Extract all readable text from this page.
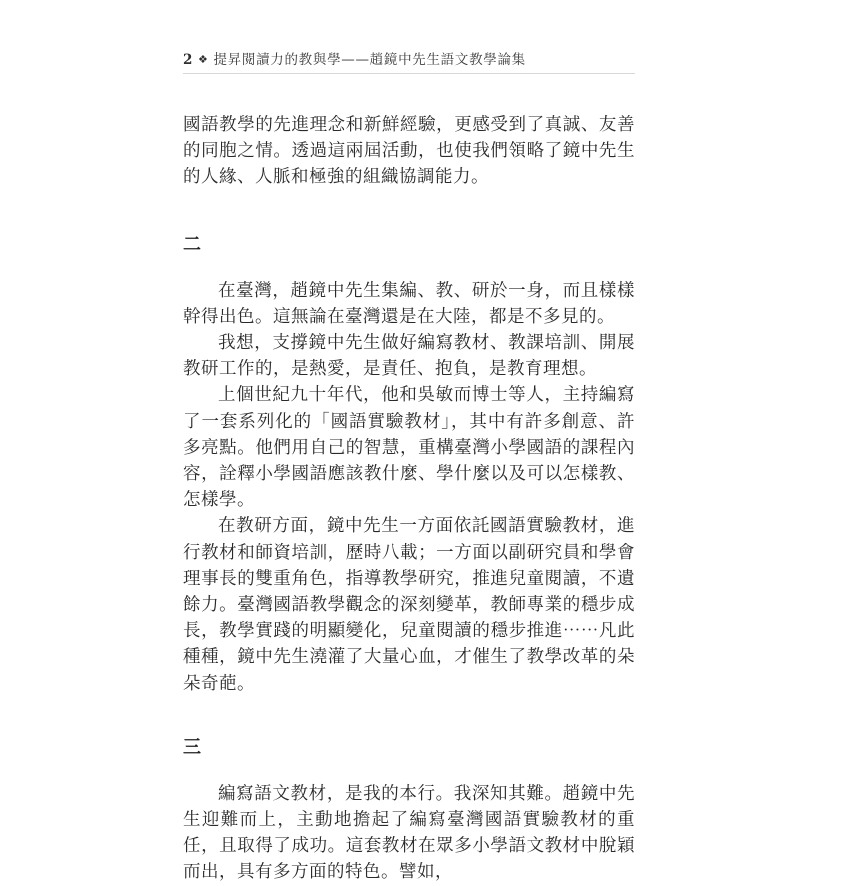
2 ❖ 提昇閱讀力的教與學——趙鏡中先生語文教學論集

國語教學的先進理念和新鮮經驗，更感受到了真誠、友善的同胞之情。透過這兩屆活動，也使我們領略了鏡中先生的人緣、人脈和極強的組織協調能力。

二

在臺灣，趙鏡中先生集編、教、研於一身，而且樣樣幹得出色。這無論在臺灣還是在大陸，都是不多見的。

我想，支撐鏡中先生做好編寫教材、教課培訓、開展教研工作的，是熱愛，是責任、抱負，是教育理想。

上個世紀九十年代，他和吳敏而博士等人，主持編寫了一套系列化的「國語實驗教材」，其中有許多創意、許多亮點。他們用自己的智慧，重構臺灣小學國語的課程內容，詮釋小學國語應該教什麼、學什麼以及可以怎樣教、怎樣學。

在教研方面，鏡中先生一方面依託國語實驗教材，進行教材和師資培訓，歷時八載；一方面以副研究員和學會理事長的雙重角色，指導教學研究，推進兒童閱讀，不遺餘力。臺灣國語教學觀念的深刻變革，教師專業的穩步成長，教學實踐的明顯變化，兒童閱讀的穩步推進⋯⋯凡此種種，鏡中先生澆灌了大量心血，才催生了教學改革的朵朵奇葩。

三

編寫語文教材，是我的本行。我深知其難。趙鏡中先生迎難而上，主動地擔起了編寫臺灣國語實驗教材的重任，且取得了成功。這套教材在眾多小學語文教材中脫穎而出，具有多方面的特色。譬如，
